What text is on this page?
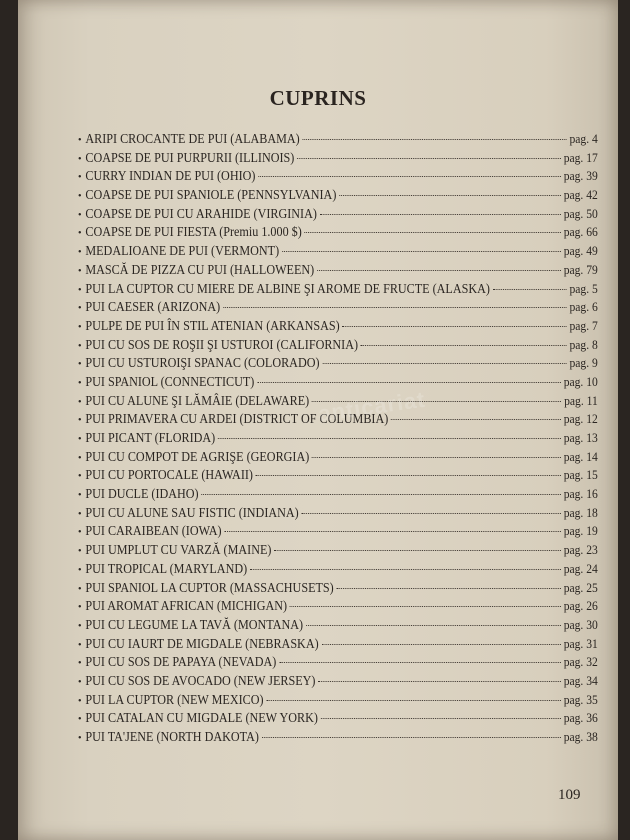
CUPRINS
• ARIPI CROCANTE DE PUI (ALABAMA)	pag. 4
• COAPSE DE PUI PURPURII (ILLINOIS)	pag. 17
• CURRY INDIAN DE PUI (OHIO)	pag. 39
• COAPSE DE PUI SPANIOLE (PENNSYLVANIA)	pag. 42
• COAPSE DE PUI CU ARAHIDE (VIRGINIA)	pag. 50
• COAPSE DE PUI FIESTA (Premiu 1.000 $)	pag. 66
• MEDALIOANE DE PUI (VERMONT)	pag. 49
• MASCĂ DE PIZZA CU PUI (HALLOWEEN)	pag. 79
• PUI LA CUPTOR CU MIERE DE ALBINE ŞI AROME DE FRUCTE (ALASKA)	pag. 5
• PUI CAESER (ARIZONA)	pag. 6
• PULPE DE PUI ÎN STIL ATENIAN (ARKANSAS)	pag. 7
• PUI CU SOS DE ROŞII ŞI USTUROI (CALIFORNIA)	pag. 8
• PUI CU USTUROIŞI SPANAC (COLORADO)	pag. 9
• PUI SPANIOL (CONNECTICUT)	pag. 10
• PUI CU ALUNE ŞI LĂMÂIE (DELAWARE)	pag. 11
• PUI PRIMAVERA CU ARDEI (DISTRICT OF COLUMBIA)	pag. 12
• PUI PICANT (FLORIDA)	pag. 13
• PUI CU COMPOT DE AGRIŞE (GEORGIA)	pag. 14
• PUI CU PORTOCALE (HAWAII)	pag. 15
• PUI DUCLE (IDAHO)	pag. 16
• PUI CU ALUNE SAU FISTIC (INDIANA)	pag. 18
• PUI CARAIBEAN (IOWA)	pag. 19
• PUI UMPLUT CU VARZĂ (MAINE)	pag. 23
• PUI TROPICAL (MARYLAND)	pag. 24
• PUI SPANIOL LA CUPTOR (MASSACHUSETS)	pag. 25
• PUI AROMAT AFRICAN (MICHIGAN)	pag. 26
• PUI CU LEGUME LA TAVĂ (MONTANA)	pag. 30
• PUI CU IAURT DE MIGDALE (NEBRASKA)	pag. 31
• PUI CU SOS DE PAPAYA (NEVADA)	pag. 32
• PUI CU SOS DE AVOCADO (NEW JERSEY)	pag. 34
• PUI LA CUPTOR (NEW MEXICO)	pag. 35
• PUI CATALAN CU MIGDALE (NEW YORK)	pag. 36
• PUI TA'JENE (NORTH DAKOTA)	pag. 38
anticariat
109
